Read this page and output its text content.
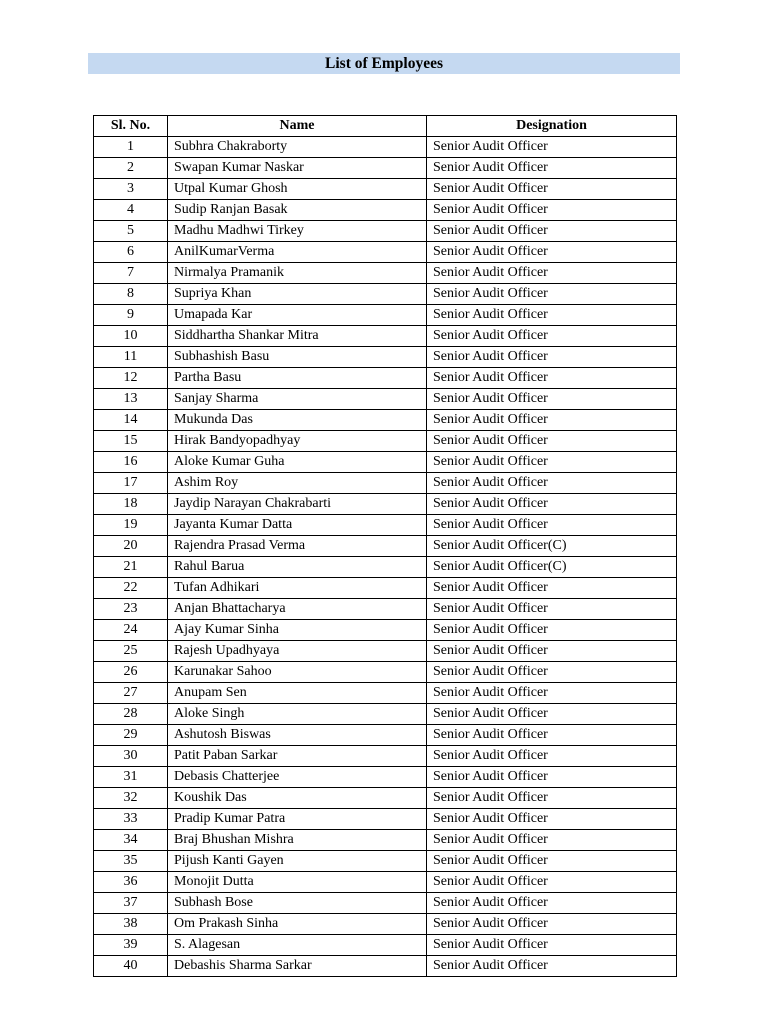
List of Employees
Sl. No.	Name	Designation
1	Subhra Chakraborty	Senior Audit Officer
2	Swapan Kumar Naskar	Senior Audit Officer
3	Utpal Kumar Ghosh	Senior Audit Officer
4	Sudip Ranjan Basak	Senior Audit Officer
5	Madhu Madhwi Tirkey	Senior Audit Officer
6	AnilKumarVerma	Senior Audit Officer
7	Nirmalya Pramanik	Senior Audit Officer
8	Supriya Khan	Senior Audit Officer
9	Umapada Kar	Senior Audit Officer
10	Siddhartha Shankar Mitra	Senior Audit Officer
11	Subhashish Basu	Senior Audit Officer
12	Partha Basu	Senior Audit Officer
13	Sanjay Sharma	Senior Audit Officer
14	Mukunda Das	Senior Audit Officer
15	Hirak Bandyopadhyay	Senior Audit Officer
16	Aloke Kumar Guha	Senior Audit Officer
17	Ashim Roy	Senior Audit Officer
18	Jaydip Narayan Chakrabarti	Senior Audit Officer
19	Jayanta Kumar Datta	Senior Audit Officer
20	Rajendra Prasad Verma	Senior Audit Officer(C)
21	Rahul Barua	Senior Audit Officer(C)
22	Tufan Adhikari	Senior Audit Officer
23	Anjan Bhattacharya	Senior Audit Officer
24	Ajay Kumar Sinha	Senior Audit Officer
25	Rajesh Upadhyaya	Senior Audit Officer
26	Karunakar Sahoo	Senior Audit Officer
27	Anupam Sen	Senior Audit Officer
28	Aloke Singh	Senior Audit Officer
29	Ashutosh Biswas	Senior Audit Officer
30	Patit Paban Sarkar	Senior Audit Officer
31	Debasis Chatterjee	Senior Audit Officer
32	Koushik Das	Senior Audit Officer
33	Pradip Kumar Patra	Senior Audit Officer
34	Braj Bhushan Mishra	Senior Audit Officer
35	Pijush Kanti Gayen	Senior Audit Officer
36	Monojit Dutta	Senior Audit Officer
37	Subhash Bose	Senior Audit Officer
38	Om Prakash Sinha	Senior Audit Officer
39	S. Alagesan	Senior Audit Officer
40	Debashis Sharma Sarkar	Senior Audit Officer
